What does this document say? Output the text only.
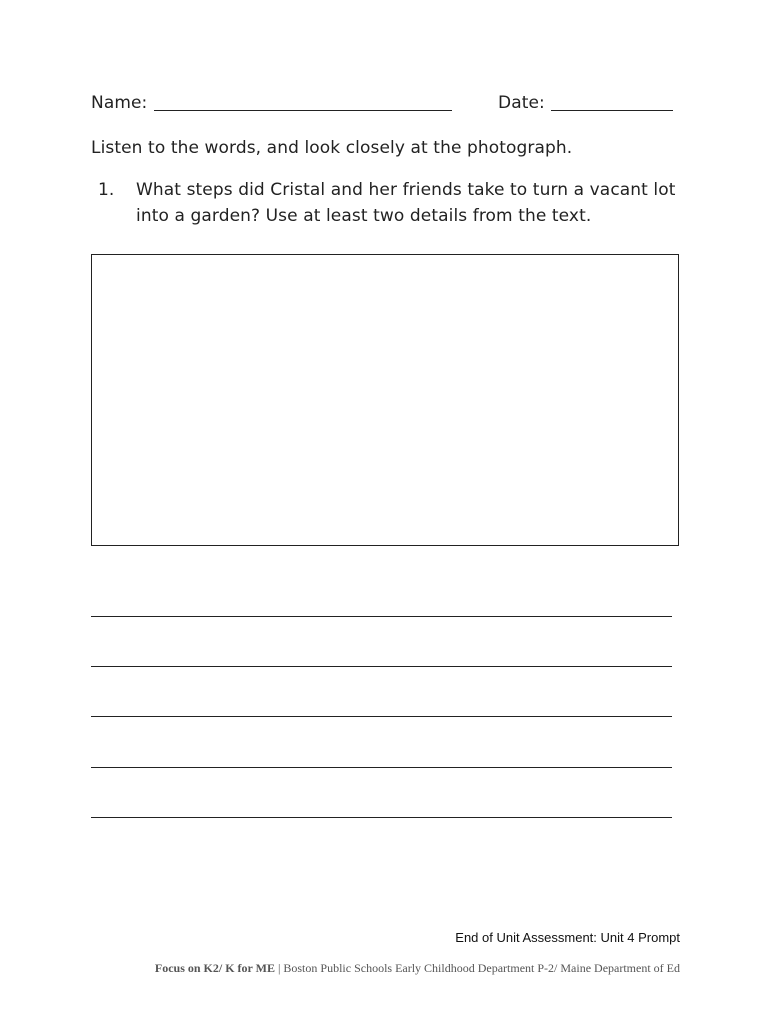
Name:	Date:
Listen to the words, and look closely at the photograph.
1. What steps did Cristal and her friends take to turn a vacant lot
into a garden? Use at least two details from the text.
End of Unit Assessment: Unit 4 Prompt
Focus on K2/ K for ME | Boston Public Schools Early Childhood Department P-2/ Maine Department of Ed
